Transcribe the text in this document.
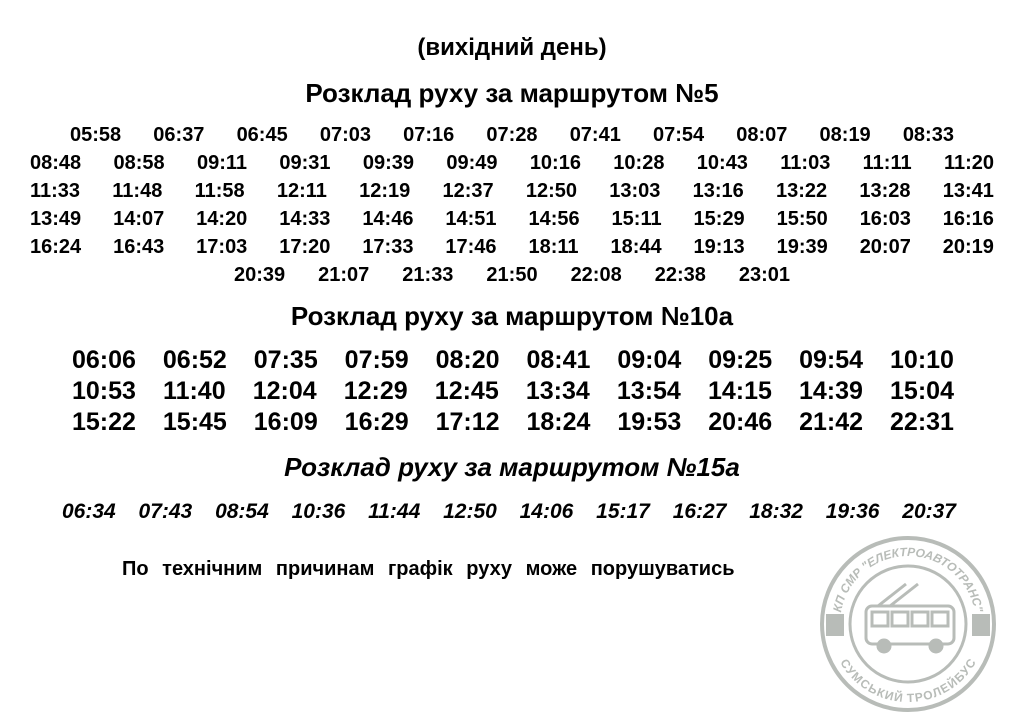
(вихідний день)
Розклад руху за маршрутом №5
05:58 06:37 06:45 07:03 07:16 07:28 07:41 07:54 08:07 08:19 08:33
08:48 08:58 09:11 09:31 09:39 09:49 10:16 10:28 10:43 11:03 11:11 11:20
11:33 11:48 11:58 12:11 12:19 12:37 12:50 13:03 13:16 13:22 13:28 13:41
13:49 14:07 14:20 14:33 14:46 14:51 14:56 15:11 15:29 15:50 16:03 16:16
16:24 16:43 17:03 17:20 17:33 17:46 18:11 18:44 19:13 19:39 20:07 20:19
20:39 21:07 21:33 21:50 22:08 22:38 23:01
Розклад руху за маршрутом №10а
06:06 06:52 07:35 07:59 08:20 08:41 09:04 09:25 09:54 10:10
10:53 11:40 12:04 12:29 12:45 13:34 13:54 14:15 14:39 15:04
15:22 15:45 16:09 16:29 17:12 18:24 19:53 20:46 21:42 22:31
Розклад руху за маршрутом №15а
06:34 07:43 08:54 10:36 11:44 12:50 14:06 15:17 16:27 18:32 19:36 20:37
По технічним причинам графік руху може порушуватись
КП СМР "ЕЛЕКТРОАВТОТРАНС"
СУМСЬКИЙ ТРОЛЕЙБУС
